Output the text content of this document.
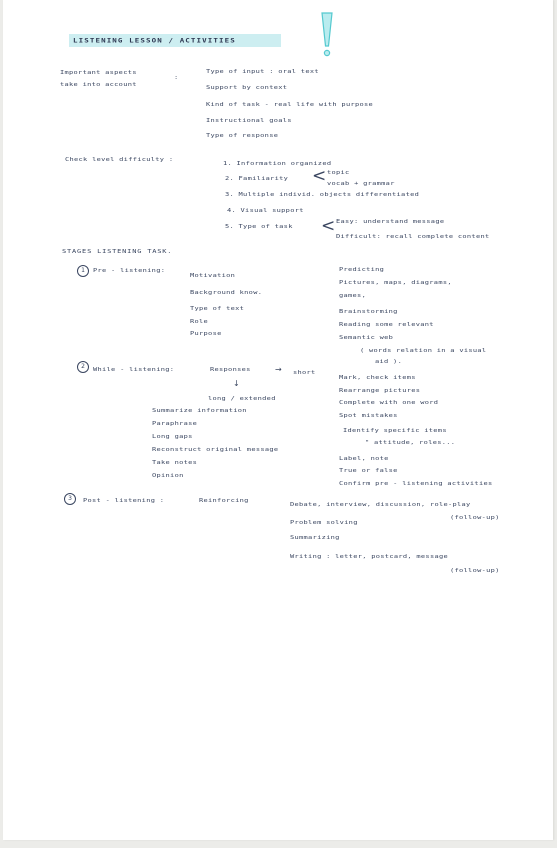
LISTENING LESSON / ACTIVITIES
Important aspects
take into account
:
Type of input : oral text
Support by context
Kind of task - real life with purpose
Instructional goals
Type of response
Check level difficulty :
1. Information organized
2. Familiarity < topic
vocab + grammar
3. Multiple individ. objects differentiated
4. Visual support
5. Type of task < Easy: understand message
Difficult: recall complete content
STAGES LISTENING TASK.
1	Pre - listening:
Motivation
Background know.
Type of text
Role
Purpose
Predicting
Pictures, maps, diagrams,
games,
Brainstorming
Reading some relevant
Semantic web
( words relation in a visual
aid ).
2	While - listening:	Responses	→ short
↓
long / extended
Summarize information
Paraphrase
Long gaps
Reconstruct original message
Take notes
Opinion
Mark, check items
Rearrange pictures
Complete with one word
Spot mistakes
Identify specific items
" attitude, roles...
Label, note
True or false
Confirm pre - listening activities
3	Post - listening :	Reinforcing
Debate, interview, discussion, role-play
(follow-up)
Problem solving
Summarizing
Writing : letter, postcard, message
(follow-up)
